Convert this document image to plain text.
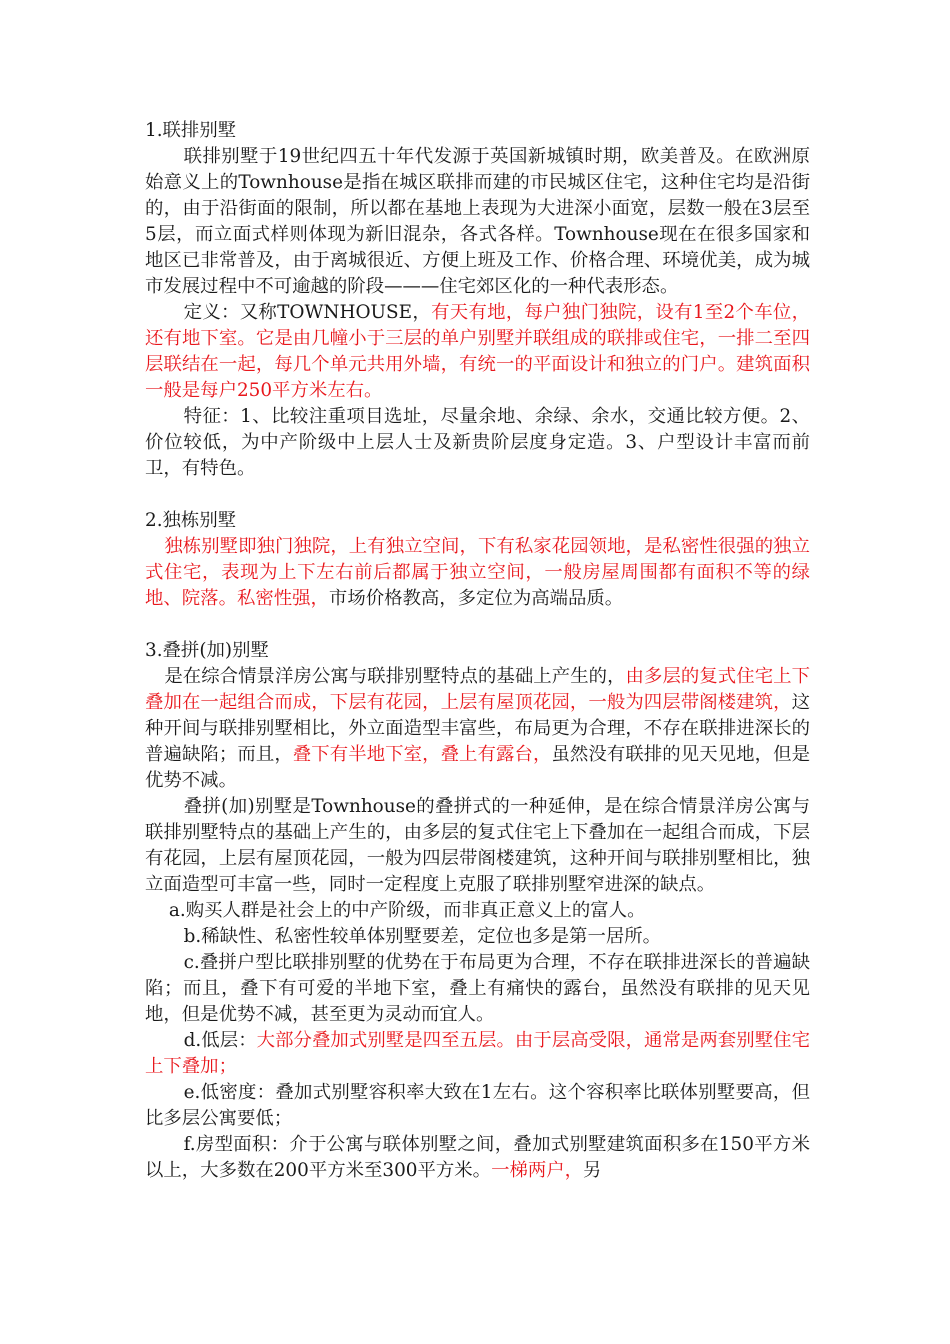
1.联排别墅

联排别墅于19世纪四五十年代发源于英国新城镇时期，欧美普及。在欧洲原始意义上的Townhouse是指在城区联排而建的市民城区住宅，这种住宅均是沿街的，由于沿街面的限制，所以都在基地上表现为大进深小面宽，层数一般在3层至5层，而立面式样则体现为新旧混杂，各式各样。Townhouse现在在很多国家和地区已非常普及，由于离城很近、方便上班及工作、价格合理、环境优美，成为城市发展过程中不可逾越的阶段———住宅郊区化的一种代表形态。

定义：又称TOWNHOUSE，有天有地，每户独门独院，设有1至2个车位，还有地下室。它是由几幢小于三层的单户别墅并联组成的联排或住宅，一排二至四层联结在一起，每几个单元共用外墙，有统一的平面设计和独立的门户。建筑面积一般是每户250平方米左右。

特征：1、比较注重项目选址，尽量余地、余绿、余水，交通比较方便。2、价位较低，为中产阶级中上层人士及新贵阶层度身定造。3、户型设计丰富而前卫，有特色。

2.独栋别墅

独栋别墅即独门独院，上有独立空间，下有私家花园领地，是私密性很强的独立式住宅，表现为上下左右前后都属于独立空间，一般房屋周围都有面积不等的绿地、院落。私密性强，市场价格教高，多定位为高端品质。

3.叠拼(加)别墅

是在综合情景洋房公寓与联排别墅特点的基础上产生的，由多层的复式住宅上下叠加在一起组合而成，下层有花园，上层有屋顶花园，一般为四层带阁楼建筑，这种开间与联排别墅相比，外立面造型丰富些，布局更为合理，不存在联排进深长的普遍缺陷；而且，叠下有半地下室，叠上有露台，虽然没有联排的见天见地，但是优势不减。

叠拼(加)别墅是Townhouse的叠拼式的一种延伸，是在综合情景洋房公寓与联排别墅特点的基础上产生的，由多层的复式住宅上下叠加在一起组合而成，下层有花园，上层有屋顶花园，一般为四层带阁楼建筑，这种开间与联排别墅相比，独立面造型可丰富一些，同时一定程度上克服了联排别墅窄进深的缺点。

a.购买人群是社会上的中产阶级，而非真正意义上的富人。

b.稀缺性、私密性较单体别墅要差，定位也多是第一居所。

c.叠拼户型比联排别墅的优势在于布局更为合理，不存在联排进深长的普遍缺陷；而且，叠下有可爱的半地下室，叠上有痛快的露台，虽然没有联排的见天见地，但是优势不减，甚至更为灵动而宜人。

d.低层：大部分叠加式别墅是四至五层。由于层高受限，通常是两套别墅住宅上下叠加；

e.低密度：叠加式别墅容积率大致在1左右。这个容积率比联体别墅要高，但比多层公寓要低；

f.房型面积：介于公寓与联体别墅之间，叠加式别墅建筑面积多在150平方米以上，大多数在200平方米至300平方米。一梯两户，另
